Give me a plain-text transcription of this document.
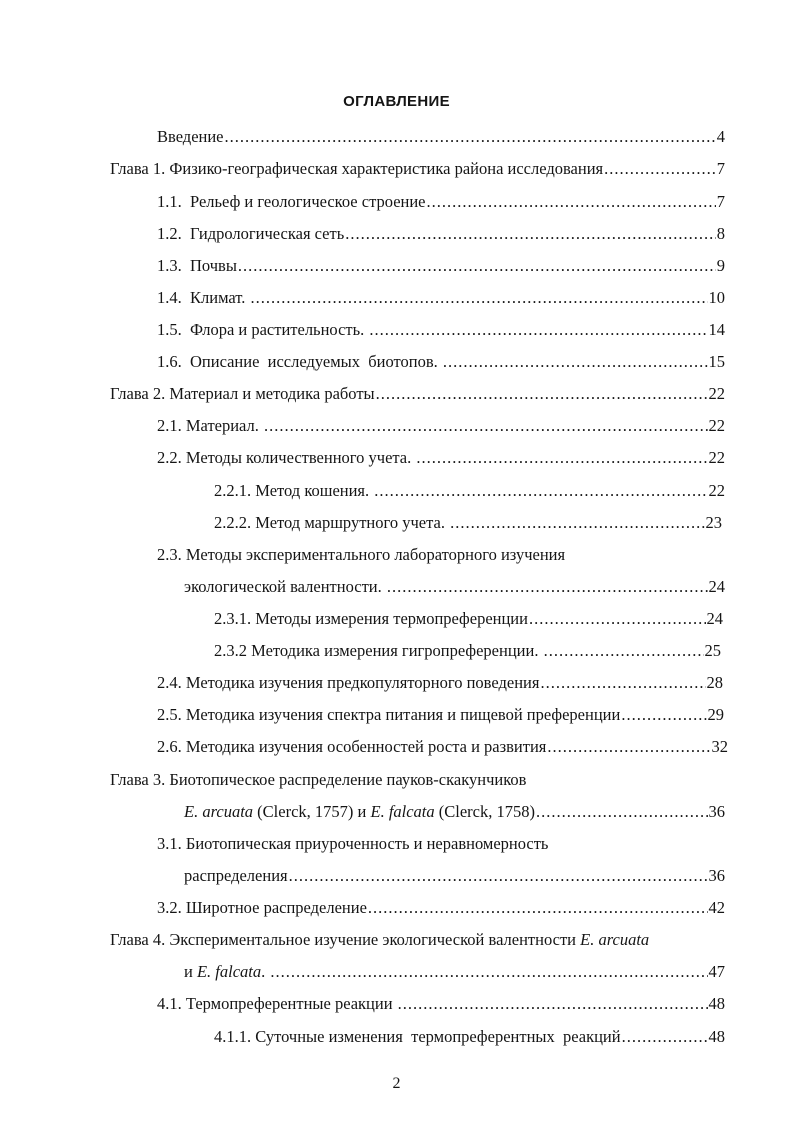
ОГЛАВЛЕНИЕ
Введение .....	4
Глава 1. Физико-географическая характеристика района исследования .....	7
1.1.  Рельеф и геологическое строение .....	7
1.2.  Гидрологическая сеть .....	8
1.3.  Почвы .....	9
1.4.  Климат. .....	10
1.5.  Флора и растительность. .....	14
1.6.  Описание  исследуемых  биотопов. .....	15
Глава 2. Материал и методика работы .....	22
2.1. Материал. .....	22
2.2. Методы количественного учета. .....	22
2.2.1. Метод кошения. .....	22
2.2.2. Метод маршрутного учета. .....	23
2.3. Методы экспериментального лабораторного изучения
экологической валентности. .....	24
2.3.1. Методы измерения термопреференции .....	24
2.3.2 Методика измерения гигропреференции. .....	25
2.4. Методика изучения предкопуляторного поведения .....	28
2.5. Методика изучения спектра питания и пищевой преференции .....	29
2.6. Методика изучения особенностей роста и развития .....	32
Глава 3. Биотопическое распределение пауков-скакунчиков
E. arcuata (Clerck, 1757) и E. falcata (Clerck, 1758) .....	36
3.1. Биотопическая приуроченность и неравномерность
распределения .....	36
3.2. Широтное распределение .....	42
Глава 4. Экспериментальное изучение экологической валентности E. arcuata
и E. falcata. .....	47
4.1. Термопреферентные реакции .....	48
4.1.1. Суточные изменения  термопреферентных  реакций .....	48
2
